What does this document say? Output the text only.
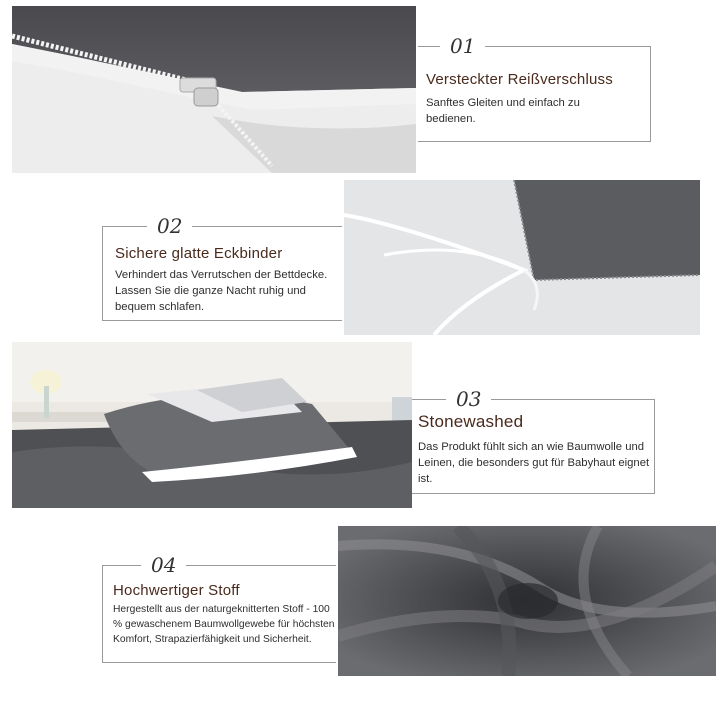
01
Versteckter Reißverschluss
Sanftes Gleiten und einfach zu bedienen.
02
Sichere glatte Eckbinder
Verhindert das Verrutschen der Bettdecke. Lassen Sie die ganze Nacht ruhig und bequem schlafen.
03
Stonewashed
Das Produkt fühlt sich an wie Baumwolle und Leinen, die besonders gut für Babyhaut eignet ist.
04
Hochwertiger Stoff
Hergestellt aus der naturgeknitterten Stoff - 100 % gewaschenem Baumwollgewebe für höchsten Komfort, Strapazierfähigkeit und Sicherheit.
